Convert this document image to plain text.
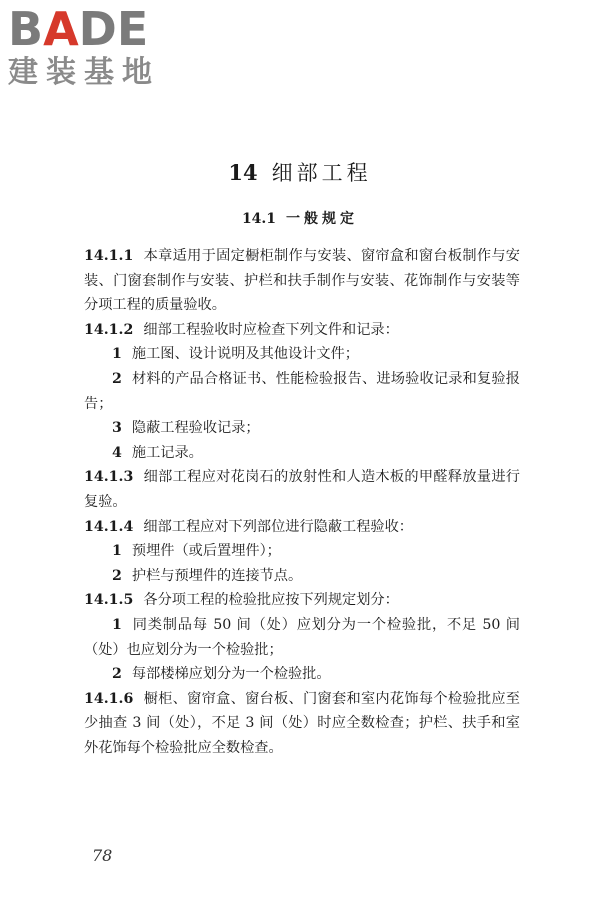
BADE
建装基地
14 细部工程
14.1 一般规定

14.1.1 本章适用于固定橱柜制作与安装、窗帘盒和窗台板制作与安装、门窗套制作与安装、护栏和扶手制作与安装、花饰制作与安装等分项工程的质量验收。

14.1.2 细部工程验收时应检查下列文件和记录：

1 施工图、设计说明及其他设计文件；

2 材料的产品合格证书、性能检验报告、进场验收记录和复验报告；

3 隐蔽工程验收记录；

4 施工记录。

14.1.3 细部工程应对花岗石的放射性和人造木板的甲醛释放量进行复验。

14.1.4 细部工程应对下列部位进行隐蔽工程验收：

1 预埋件（或后置埋件）；

2 护栏与预埋件的连接节点。

14.1.5 各分项工程的检验批应按下列规定划分：

1 同类制品每 50 间（处）应划分为一个检验批，不足 50 间（处）也应划分为一个检验批；

2 每部楼梯应划分为一个检验批。

14.1.6 橱柜、窗帘盒、窗台板、门窗套和室内花饰每个检验批应至少抽查 3 间（处），不足 3 间（处）时应全数检查；护栏、扶手和室外花饰每个检验批应全数检查。

78
